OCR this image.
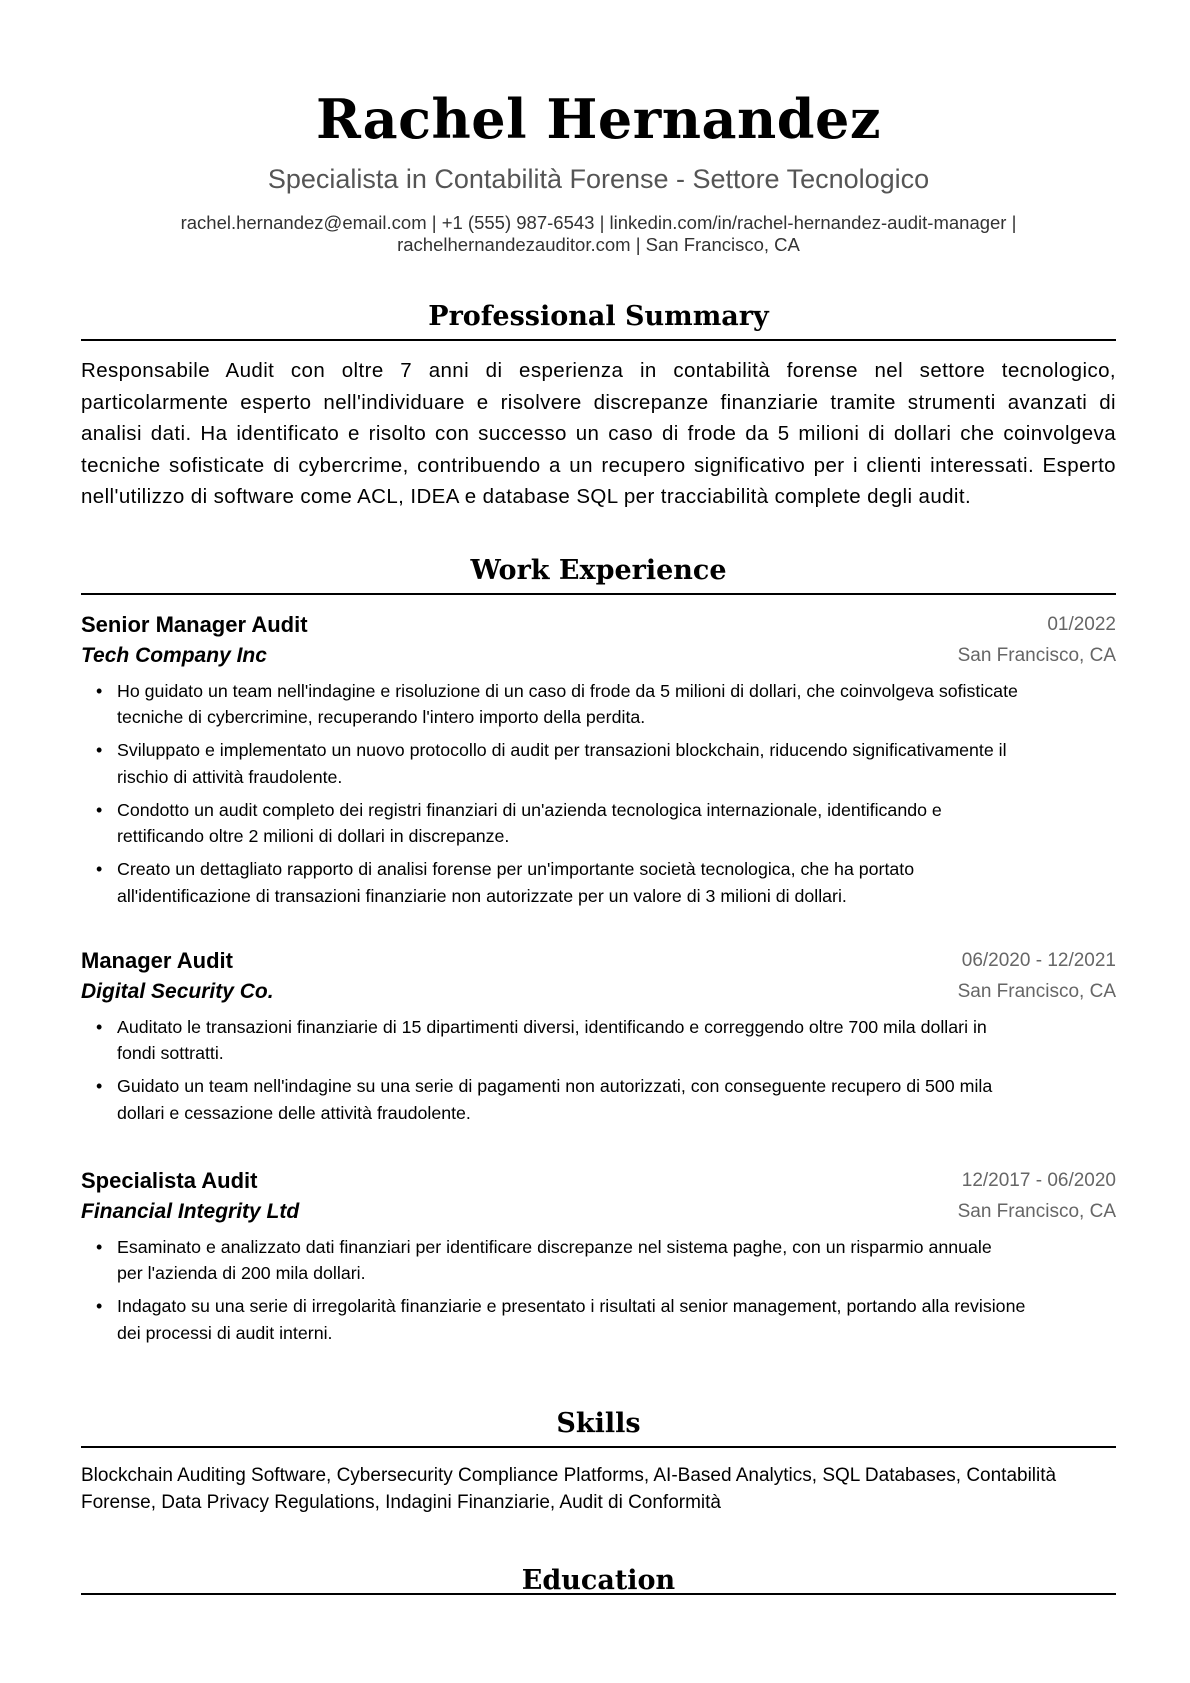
Rachel Hernandez
Specialista in Contabilità Forense - Settore Tecnologico
rachel.hernandez@email.com | +1 (555) 987-6543 | linkedin.com/in/rachel-hernandez-audit-manager |
rachelhernandezauditor.com | San Francisco, CA
Professional Summary
Responsabile Audit con oltre 7 anni di esperienza in contabilità forense nel settore tecnologico,
particolarmente esperto nell'individuare e risolvere discrepanze finanziarie tramite strumenti avanzati di
analisi dati. Ha identificato e risolto con successo un caso di frode da 5 milioni di dollari che coinvolgeva
tecniche sofisticate di cybercrime, contribuendo a un recupero significativo per i clienti interessati. Esperto
nell'utilizzo di software come ACL, IDEA e database SQL per tracciabilità complete degli audit.
Work Experience
Senior Manager Audit	01/2022
Tech Company Inc	San Francisco, CA
• Ho guidato un team nell'indagine e risoluzione di un caso di frode da 5 milioni di dollari, che coinvolgeva sofisticate
tecniche di cybercrimine, recuperando l'intero importo della perdita.
• Sviluppato e implementato un nuovo protocollo di audit per transazioni blockchain, riducendo significativamente il
rischio di attività fraudolente.
• Condotto un audit completo dei registri finanziari di un'azienda tecnologica internazionale, identificando e
rettificando oltre 2 milioni di dollari in discrepanze.
• Creato un dettagliato rapporto di analisi forense per un'importante società tecnologica, che ha portato
all'identificazione di transazioni finanziarie non autorizzate per un valore di 3 milioni di dollari.
Manager Audit	06/2020 - 12/2021
Digital Security Co.	San Francisco, CA
• Auditato le transazioni finanziarie di 15 dipartimenti diversi, identificando e correggendo oltre 700 mila dollari in
fondi sottratti.
• Guidato un team nell'indagine su una serie di pagamenti non autorizzati, con conseguente recupero di 500 mila
dollari e cessazione delle attività fraudolente.
Specialista Audit	12/2017 - 06/2020
Financial Integrity Ltd	San Francisco, CA
• Esaminato e analizzato dati finanziari per identificare discrepanze nel sistema paghe, con un risparmio annuale
per l'azienda di 200 mila dollari.
• Indagato su una serie di irregolarità finanziarie e presentato i risultati al senior management, portando alla revisione
dei processi di audit interni.
Skills
Blockchain Auditing Software, Cybersecurity Compliance Platforms, AI-Based Analytics, SQL Databases, Contabilità
Forense, Data Privacy Regulations, Indagini Finanziarie, Audit di Conformità
Education
